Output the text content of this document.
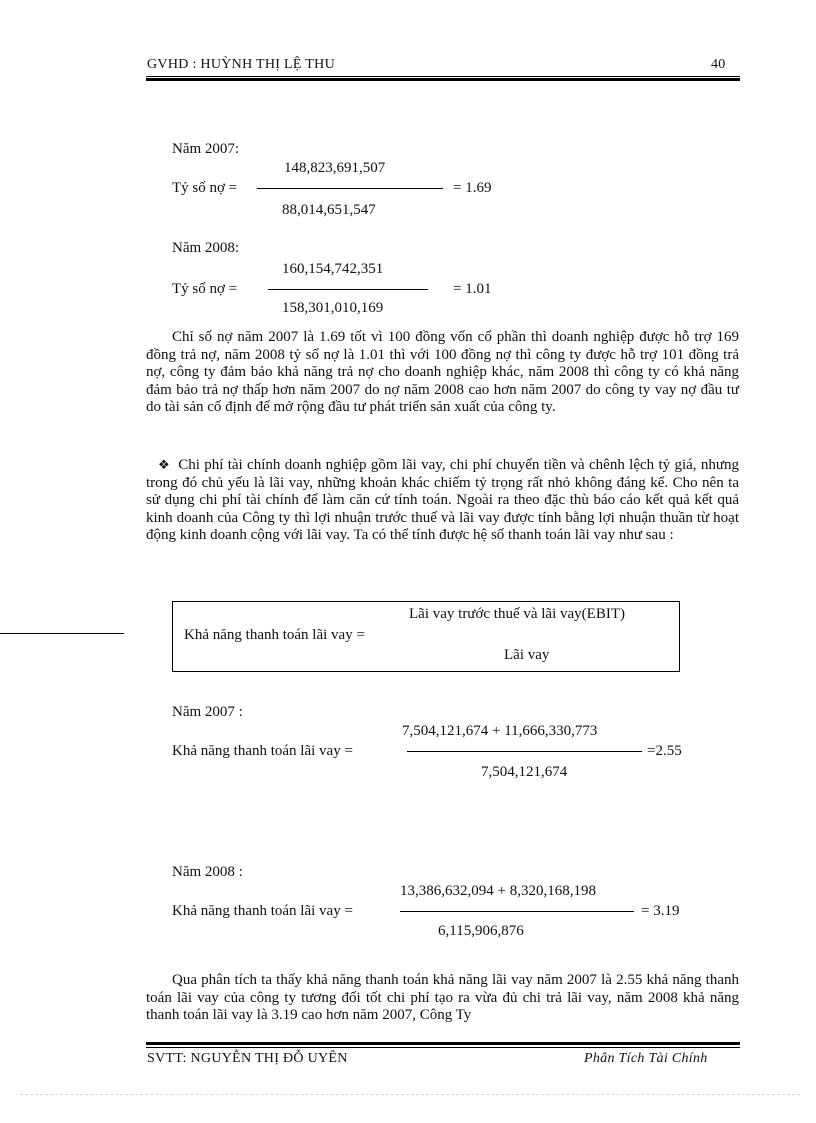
GVHD : HUỲNH THỊ LỆ THU	40
Năm 2007:
148,823,691,507
Tỷ số nợ =	= 1.69
88,014,651,547
Năm 2008:
160,154,742,351
Tỷ số nợ =	= 1.01
158,301,010,169
Chỉ số nợ năm 2007 là 1.69 tốt vì 100 đồng vốn cổ phần thì doanh nghiệp được hỗ trợ 169 đồng trả nợ, năm 2008 tỷ số nợ là 1.01 thì với 100 đồng nợ thì công ty được hỗ trợ 101 đồng trả nợ, công ty đảm bảo khả năng trả nợ cho doanh nghiệp khác, năm 2008 thì công ty có khả năng đảm bảo trả nợ thấp hơn năm 2007 do nợ năm 2008 cao hơn năm 2007 do công ty vay nợ đầu tư do tài sản cố định để mở rộng đầu tư phát triển sản xuất của công ty.
❖ Chi phí tài chính doanh nghiệp gồm lãi vay, chi phí chuyển tiền và chênh lệch tỷ giá, nhưng trong đó chủ yếu là lãi vay, những khoản khác chiếm tỷ trọng rất nhỏ không đáng kể. Cho nên ta sử dụng chi phí tài chính để làm căn cứ tính toán. Ngoài ra theo đặc thù báo cáo kết quả kết quả kinh doanh của Công ty thì lợi nhuận trước thuế và lãi vay được tính bằng lợi nhuận thuần từ hoạt động kinh doanh cộng với lãi vay. Ta có thể tính được hệ số thanh toán lãi vay như sau :
Lãi vay trước thuế và lãi vay(EBIT)
Khả năng thanh toán lãi vay =
Lãi vay
Năm 2007 :
7,504,121,674 + 11,666,330,773
Khả năng thanh toán lãi vay =	=2.55
7,504,121,674
Năm 2008 :
13,386,632,094 + 8,320,168,198
Khả năng thanh toán lãi vay =	= 3.19
6,115,906,876
Qua phân tích ta thấy khả năng thanh toán khả năng lãi vay năm 2007 là 2.55 khả năng thanh toán lãi vay của công ty tương đối tốt chi phí tạo ra vừa đủ chi trả lãi vay, năm 2008 khả năng thanh toán lãi vay là 3.19 cao hơn năm 2007, Công Ty
SVTT: NGUYỄN THỊ ĐỖ UYÊN	Phân Tích Tài Chính
